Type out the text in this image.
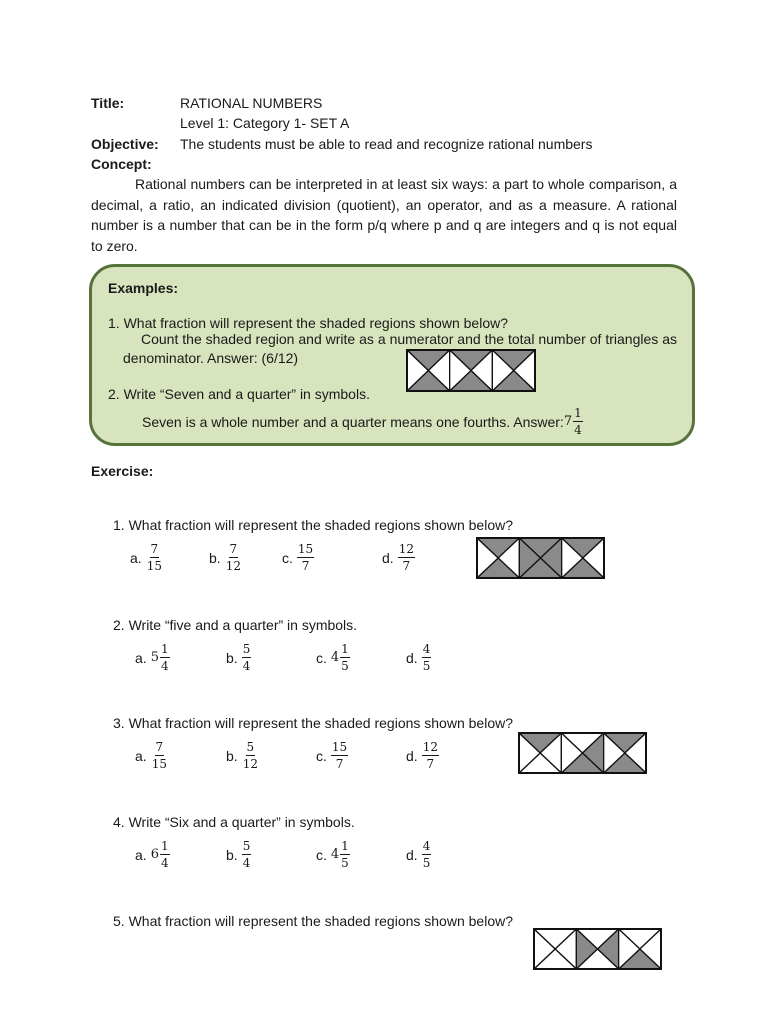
Title:	RATIONAL NUMBERS
Level 1: Category 1- SET A
Objective: The students must be able to read and recognize rational numbers
Concept:
Rational numbers can be interpreted in at least six ways: a part to whole comparison, a decimal, a ratio, an indicated division (quotient), an operator, and as a measure. A rational number is a number that can be in the form p/q where p and q are integers and q is not equal to zero.
Examples:
1. What fraction will represent the shaded regions shown below?
Count the shaded region and write as a numerator and the total number of triangles as denominator. Answer: (6/12)
2. Write “Seven and a quarter” in symbols.
Seven is a whole number and a quarter means one fourths. Answer: $7 \frac{1}{4}$
Exercise:
1. What fraction will represent the shaded regions shown below?
a. $\frac{7}{15}$	b. $\frac{7}{12}$	c. $\frac{15}{7}$	d. $\frac{12}{7}$
2. Write “five and a quarter” in symbols.
a. $5 \frac{1}{4}$	b. $\frac{5}{4}$	c. $4 \frac{1}{5}$	d. $\frac{4}{5}$
3. What fraction will represent the shaded regions shown below?
a. $\frac{7}{15}$	b. $\frac{5}{12}$	c. $\frac{15}{7}$	d. $\frac{12}{7}$
4. Write “Six and a quarter” in symbols.
a. $6 \frac{1}{4}$	b. $\frac{5}{4}$	c. $4 \frac{1}{5}$	d. $\frac{4}{5}$
5. What fraction will represent the shaded regions shown below?
